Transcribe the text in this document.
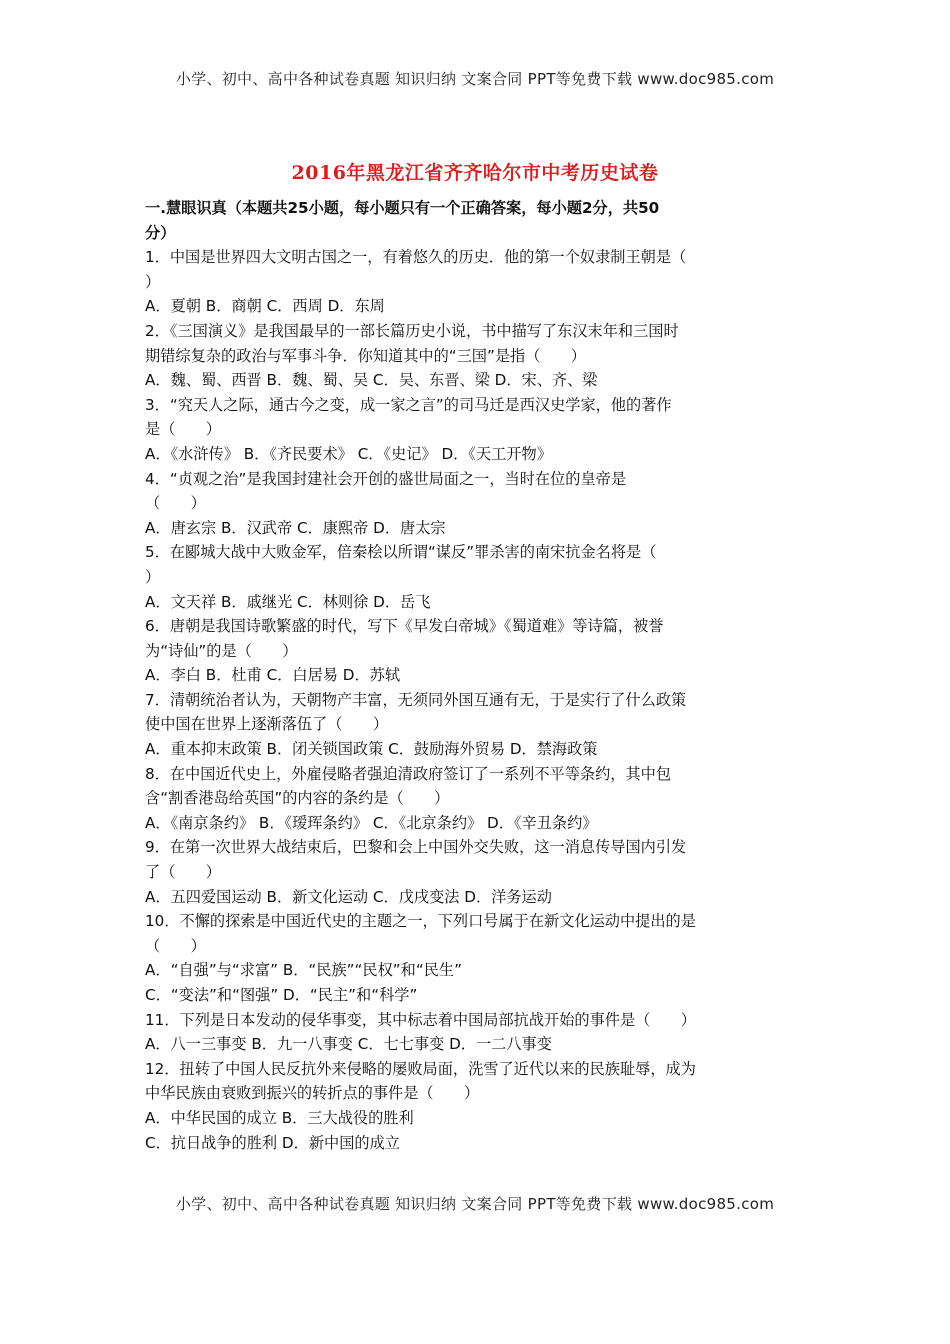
小学、初中、高中各种试卷真题 知识归纳 文案合同 PPT等免费下载 www.doc985.com
2016年黑龙江省齐齐哈尔市中考历史试卷
一.慧眼识真（本题共25小题，每小题只有一个正确答案，每小题2分，共50
分）
1．中国是世界四大文明古国之一，有着悠久的历史．他的第一个奴隶制王朝是（
）
A．夏朝 B．商朝 C．西周 D．东周
2．《三国演义》是我国最早的一部长篇历史小说，书中描写了东汉末年和三国时
期错综复杂的政治与军事斗争．你知道其中的“三国”是指（　　）
A．魏、蜀、西晋 B．魏、蜀、吴 C．吴、东晋、梁 D．宋、齐、梁
3．“究天人之际，通古今之变，成一家之言”的司马迁是西汉史学家，他的著作
是（　　）
A．《水浒传》 B．《齐民要术》 C．《史记》 D．《天工开物》
4．“贞观之治”是我国封建社会开创的盛世局面之一，当时在位的皇帝是
（　　）
A．唐玄宗 B．汉武帝 C．康熙帝 D．唐太宗
5．在郾城大战中大败金军，倍秦桧以所谓“谋反”罪杀害的南宋抗金名将是（
）
A．文天祥 B．戚继光 C．林则徐 D．岳飞
6．唐朝是我国诗歌繁盛的时代，写下《早发白帝城》《蜀道难》等诗篇，被誉
为“诗仙”的是（　　）
A．李白 B．杜甫 C．白居易 D．苏轼
7．清朝统治者认为，天朝物产丰富，无须同外国互通有无，于是实行了什么政策
使中国在世界上逐渐落伍了（　　）
A．重本抑末政策 B．闭关锁国政策 C．鼓励海外贸易 D．禁海政策
8．在中国近代史上，外雇侵略者强迫清政府签订了一系列不平等条约，其中包
含“割香港岛给英国”的内容的条约是（　　）
A．《南京条约》 B．《瑷珲条约》 C．《北京条约》 D．《辛丑条约》
9．在第一次世界大战结束后，巴黎和会上中国外交失败，这一消息传导国内引发
了（　　）
A．五四爱国运动 B．新文化运动 C．戊戌变法 D．洋务运动
10．不懈的探索是中国近代史的主题之一，下列口号属于在新文化运动中提出的是
（　　）
A．“自强”与“求富” B．“民族”“民权”和“民生”
C．“变法”和“图强” D．“民主”和“科学”
11．下列是日本发动的侵华事变，其中标志着中国局部抗战开始的事件是（　　）
A．八一三事变 B．九一八事变 C．七七事变 D．一二八事变
12．扭转了中国人民反抗外来侵略的屡败局面，洗雪了近代以来的民族耻辱，成为
中华民族由衰败到振兴的转折点的事件是（　　）
A．中华民国的成立 B．三大战役的胜利
C．抗日战争的胜利 D．新中国的成立
小学、初中、高中各种试卷真题 知识归纳 文案合同 PPT等免费下载 www.doc985.com
